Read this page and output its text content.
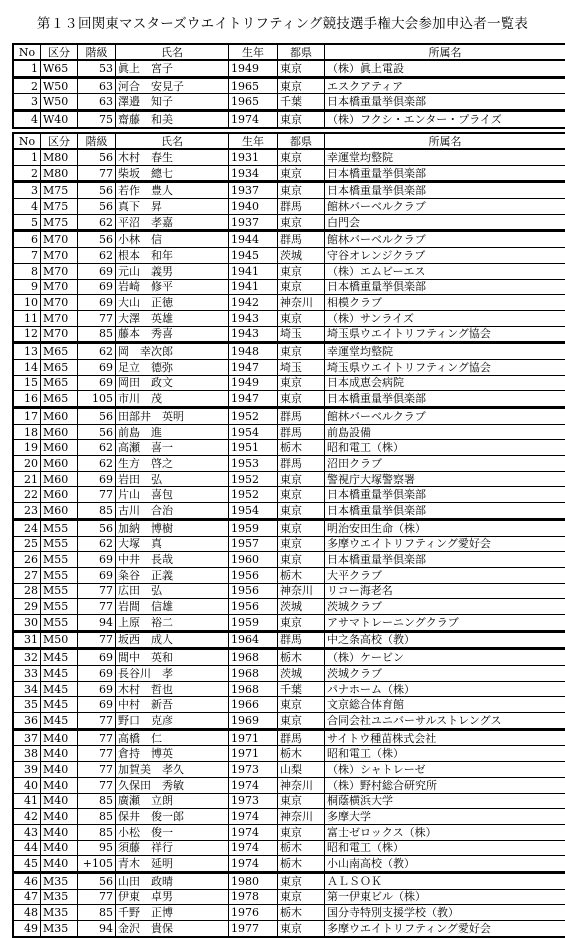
第１３回関東マスターズウエイトリフティング競技選手権大会参加申込者一覧表
No	区分	階級	氏名	生年	都県	所属名
1	W65	53	眞上　宮子	1949	東京	（株）眞上電設
2	W50	63	河合　安見子	1965	東京	エスクアティア
3	W50	63	澤邉　知子	1965	千葉	日本橋重量挙倶楽部
4	W40	75	齋藤　和美	1974	東京	（株）フクシ・エンター・プライズ
No	区分	階級	氏名	生年	都県	所属名
1	M80	56	木村　春生	1931	東京	幸運堂均整院
2	M80	77	柴坂　總七	1934	東京	日本橋重量挙倶楽部
3	M75	56	若作　豊人	1937	東京	日本橋重量挙倶楽部
4	M75	56	真下　昇	1940	群馬	館林バーベルクラブ
5	M75	62	平沼　孝嘉	1937	東京	白門会
6	M70	56	小林　信	1944	群馬	館林バーベルクラブ
7	M70	62	根本　和年	1945	茨城	守谷オレンジクラブ
8	M70	69	元山　義男	1941	東京	（株）エムビーエス
9	M70	69	岩崎　修平	1941	東京	日本橋重量挙倶楽部
10	M70	69	大山　正徳	1942	神奈川	相模クラブ
11	M70	77	大澤　英雄	1943	東京	（株）サンライズ
12	M70	85	藤本　秀喜	1943	埼玉	埼玉県ウエイトリフティング協会
13	M65	62	岡　幸次郎	1948	東京	幸運堂均整院
14	M65	69	足立　德弥	1947	埼玉	埼玉県ウエイトリフティング協会
15	M65	69	岡田　政文	1949	東京	日本成恵会病院
16	M65	105	市川　茂	1947	東京	日本橋重量挙倶楽部
17	M60	56	田部井　英明	1952	群馬	館林バーベルクラブ
18	M60	56	前島　進	1954	群馬	前島設備
19	M60	62	高瀬　喜一	1951	栃木	昭和電工（株）
20	M60	62	生方　啓之	1953	群馬	沼田クラブ
21	M60	69	岩田　弘	1952	東京	警視庁大塚警察署
22	M60	77	片山　喜包	1952	東京	日本橋重量挙倶楽部
23	M60	85	古川　合治	1954	東京	日本橋重量挙倶楽部
24	M55	56	加納　博樹	1959	東京	明治安田生命（株）
25	M55	62	大塚　真	1957	東京	多摩ウエイトリフティング愛好会
26	M55	69	中井　長哉	1960	東京	日本橋重量挙倶楽部
27	M55	69	粂谷　正義	1956	栃木	大平クラブ
28	M55	77	広田　弘	1956	神奈川	リコー海老名
29	M55	77	岩間　信雄	1956	茨城	茨城クラブ
30	M55	94	上原　裕二	1959	東京	アサマトレーニングクラブ
31	M50	77	坂西　成人	1964	群馬	中之条高校（教）
32	M45	69	間中　英和	1968	栃木	（株）ケービン
33	M45	69	長谷川　孝	1968	茨城	茨城クラブ
34	M45	69	木村　哲也	1968	千葉	パナホーム（株）
35	M45	69	中村　新吾	1966	東京	文京総合体育館
36	M45	77	野口　克彦	1969	東京	合同会社ユニバーサルストレングス
37	M40	77	高橋　仁	1971	群馬	サイトウ種苗株式会社
38	M40	77	倉持　博英	1971	栃木	昭和電工（株）
39	M40	77	加賀美　孝久	1973	山梨	（株）シャトレーゼ
40	M40	77	久保田　秀敏	1974	神奈川	（株）野村総合研究所
41	M40	85	廣瀬　立朗	1973	東京	桐蔭横浜大学
42	M40	85	保井　俊一郎	1974	神奈川	多摩大学
43	M40	85	小松　俊一	1974	東京	富士ゼロックス（株）
44	M40	95	須藤　祥行	1974	栃木	昭和電工（株）
45	M40	+105	青木　延明	1974	栃木	小山南高校（教）
46	M35	56	山田　政晴	1980	東京	ＡＬＳＯＫ
47	M35	77	伊東　卓男	1978	東京	第一伊東ビル（株）
48	M35	85	千野　正博	1976	栃木	国分寺特別支援学校（教）
49	M35	94	金沢　貴保	1977	東京	多摩ウエイトリフティング愛好会
